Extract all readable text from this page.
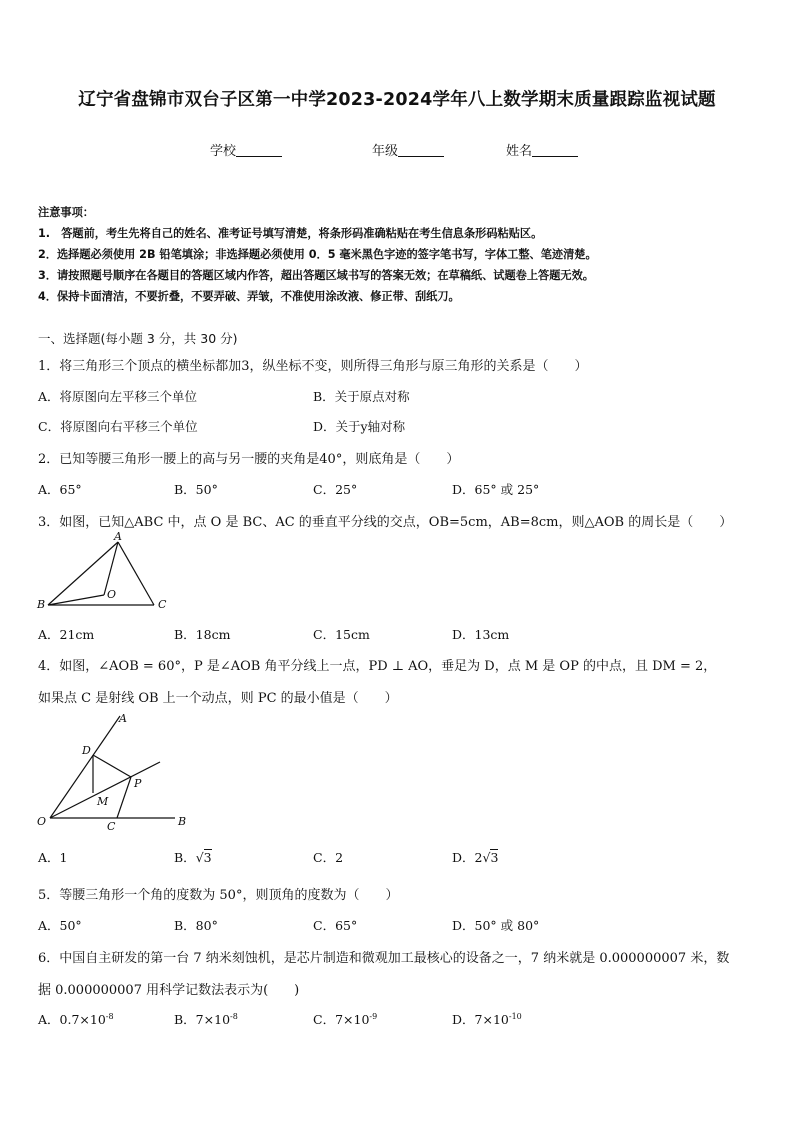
辽宁省盘锦市双台子区第一中学2023-2024学年八上数学期末质量跟踪监视试题
学校	年级	姓名
注意事项：
1.　答题前，考生先将自己的姓名、准考证号填写清楚，将条形码准确粘贴在考生信息条形码粘贴区。
2．选择题必须使用 2B 铅笔填涂；非选择题必须使用 0．5 毫米黑色字迹的签字笔书写，字体工整、笔迹清楚。
3．请按照题号顺序在各题目的答题区域内作答，超出答题区域书写的答案无效；在草稿纸、试题卷上答题无效。
4．保持卡面清洁，不要折叠，不要弄破、弄皱，不准使用涂改液、修正带、刮纸刀。
一、选择题(每小题 3 分，共 30 分)
1．将三角形三个顶点的横坐标都加3，纵坐标不变，则所得三角形与原三角形的关系是（　　）
A．将原图向左平移三个单位	B．关于原点对称
C．将原图向右平移三个单位	D．关于y轴对称
2．已知等腰三角形一腰上的高与另一腰的夹角是40°，则底角是（　　）
A．65°	B．50°	C．25°	D．65° 或 25°
3．如图，已知△ABC 中，点 O 是 BC、AC 的垂直平分线的交点，OB=5cm，AB=8cm，则△AOB 的周长是（　　）
A
B	C
O
A．21cm	B．18cm	C．15cm	D．13cm
4．如图，∠AOB = 60°，P 是∠AOB 角平分线上一点，PD ⊥ AO，垂足为 D，点 M 是 OP 的中点，且 DM = 2，
如果点 C 是射线 OB 上一个动点，则 PC 的最小值是（　　）
A
D
P
M
O	C	B
A．1	B．√3	C．2	D．2√3
5．等腰三角形一个角的度数为 50°，则顶角的度数为（　　）
A．50°	B．80°	C．65°	D．50° 或 80°
6．中国自主研发的第一台 7 纳米刻蚀机，是芯片制造和微观加工最核心的设备之一，7 纳米就是 0.000000007 米，数
据 0.000000007 用科学记数法表示为(　　)
A．$0.7\times 10^{-8}$	B．$7\times 10^{-8}$	C．$7\times 10^{-9}$	D．$7\times 10^{-10}$
